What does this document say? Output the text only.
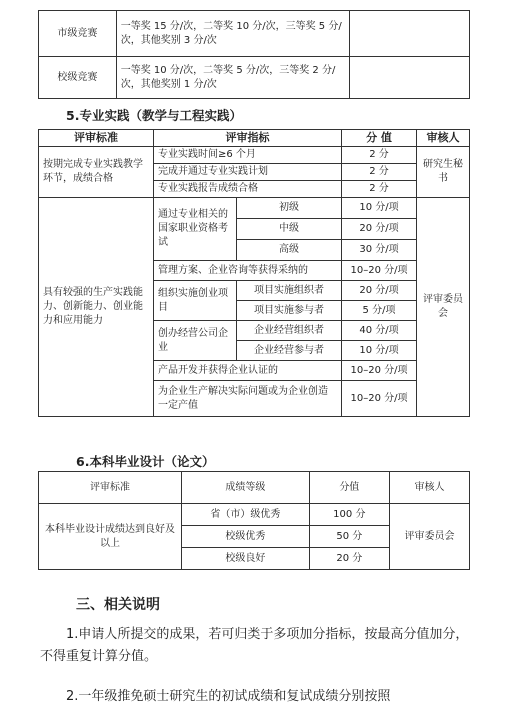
市级竞赛	一等奖 15 分/次，二等奖 10 分/次，三等奖 5 分/次，其他奖别 3 分/次	
校级竞赛	一等奖 10 分/次，二等奖 5 分/次，三等奖 2 分/次，其他奖别 1 分/次	
5.专业实践（教学与工程实践）
评审标准	评审指标		分 值	审核人
按期完成专业实践教学环节，成绩合格	专业实践时间≥6 个月		2 分	研究生秘书
	完成并通过专业实践计划		2 分	
	专业实践报告成绩合格		2 分	
具有较强的生产实践能力、创新能力、创业能力和应用能力	通过专业相关的国家职业资格考试	初级	10 分/项	评审委员会
		中级	20 分/项	
		高级	30 分/项	
	管理方案、企业咨询等获得采纳的		10–20 分/项	
	组织实施创业项目	项目实施组织者	20 分/项	
		项目实施参与者	5 分/项	
	创办经营公司企业	企业经营组织者	40 分/项	
		企业经营参与者	10 分/项	
	产品开发并获得企业认证的		10–20 分/项	
	为企业生产解决实际问题或为企业创造一定产值		10–20 分/项	
6.本科毕业设计（论文）
评审标准	成绩等级	分值	审核人
本科毕业设计成绩达到良好及以上	省（市）级优秀	100 分	评审委员会
	校级优秀	50 分	
	校级良好	20 分	
三、相关说明

1.申请人所提交的成果，若可归类于多项加分指标，按最高分值加分，不得重复计算分值。

2.一年级推免硕士研究生的初试成绩和复试成绩分别按照
